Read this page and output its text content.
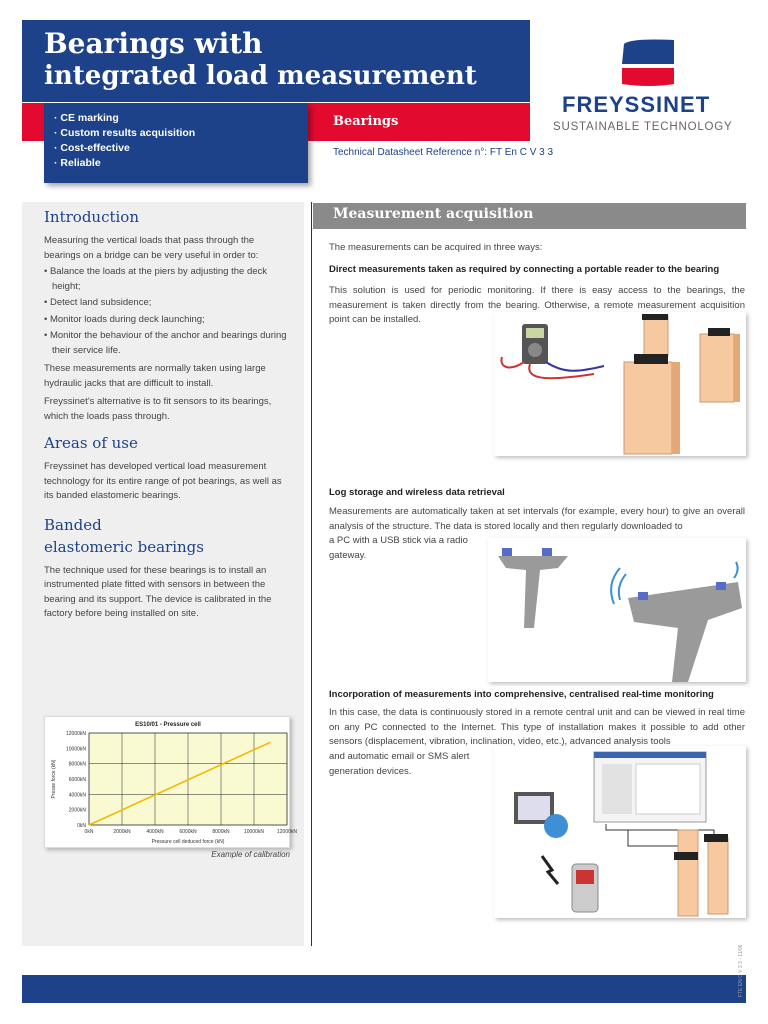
Bearings with
integrated load measurement
· CE marking
· Custom results acquisition
· Cost-effective
· Reliable
Bearings
Technical Datasheet Reference n°: FT En C V 3 3
FREYSSINET
SUSTAINABLE TECHNOLOGY
Introduction
Measuring the vertical loads that pass through the bearings on a bridge can be very useful in order to:
• Balance the loads at the piers by adjusting the deck height;
• Detect land subsidence;
• Monitor loads during deck launching;
• Monitor the behaviour of the anchor and bearings during their service life.
These measurements are normally taken using large hydraulic jacks that are difficult to install.
Freyssinet's alternative is to fit sensors to its bearings, which the loads pass through.
Areas of use
Freyssinet has developed vertical load measurement technology for its entire range of pot bearings, as well as its banded elastomeric bearings.
Banded
elastomeric bearings
The technique used for these bearings is to install an instrumented plate fitted with sensors in between the bearing and its support. The device is calibrated in the factory before being installed on site.
ES10/01 - Pressure cell
0kN	2000kN	4000kN	6000kN	8000kN	10000kN	12000kN
0kN
2000kN
4000kN
6000kN
8000kN
10000kN
12000kN
Pressure cell deduced force (kN)
Presse force (kN)
Example of calibration
Measurement acquisition
The measurements can be acquired in three ways:
Direct measurements taken as required by connecting a portable reader to the bearing
This solution is used for periodic monitoring. If there is easy access to the bearings, the measurement is taken directly from the bearing. Otherwise, a remote measurement acquisition point can be installed.
Log storage and wireless data retrieval
Measurements are automatically taken at set intervals (for example, every hour) to give an overall analysis of the structure. The data is stored locally and then regularly downloaded to
a PC with a USB stick via a radio gateway.
Incorporation of measurements into comprehensive, centralised real-time monitoring
In this case, the data is continuously stored in a remote central unit and can be viewed in real time on any PC connected to the Internet. This type of installation makes it possible to add other sensors (displacement, vibration, inclination, video, etc.), advanced analysis tools
and automatic email or SMS alert generation devices.
FTE EN C V 3 3 - 11/06
